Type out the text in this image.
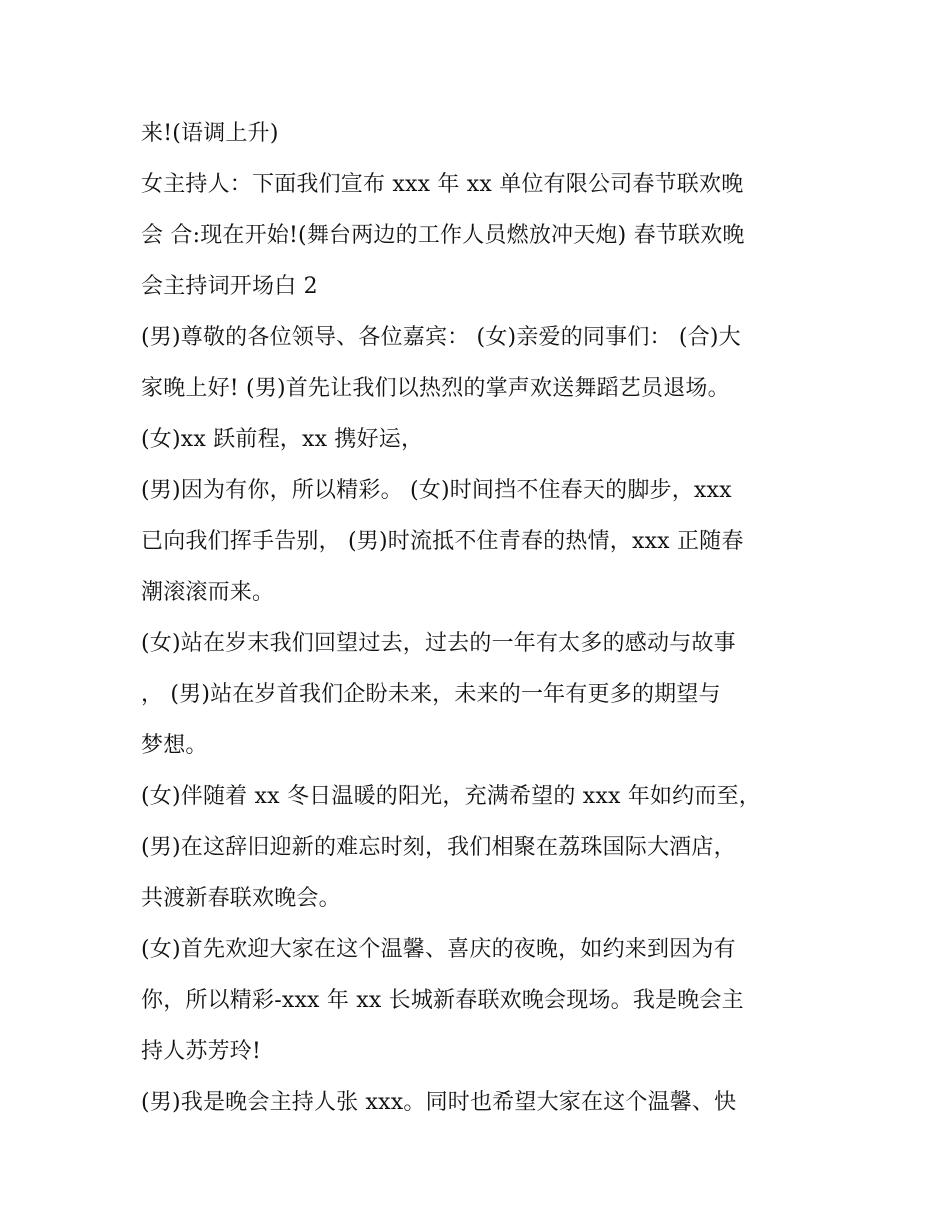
来!(语调上升)
女主持人：下面我们宣布 xxx 年 xx 单位有限公司春节联欢晚
会 合:现在开始!(舞台两边的工作人员燃放冲天炮) 春节联欢晚
会主持词开场白 2
(男)尊敬的各位领导、各位嘉宾： (女)亲爱的同事们： (合)大
家晚上好! (男)首先让我们以热烈的掌声欢送舞蹈艺员退场。
(女)xx 跃前程，xx 携好运，
(男)因为有你，所以精彩。 (女)时间挡不住春天的脚步，xxx
已向我们挥手告别， (男)时流抵不住青春的热情，xxx 正随春
潮滚滚而来。
(女)站在岁末我们回望过去，过去的一年有太多的感动与故事
， (男)站在岁首我们企盼未来，未来的一年有更多的期望与
梦想。
(女)伴随着 xx 冬日温暖的阳光，充满希望的 xxx 年如约而至，
(男)在这辞旧迎新的难忘时刻，我们相聚在荔珠国际大酒店，
共渡新春联欢晚会。
(女)首先欢迎大家在这个温馨、喜庆的夜晚，如约来到因为有
你，所以精彩-xxx 年 xx 长城新春联欢晚会现场。我是晚会主
持人苏芳玲!
(男)我是晚会主持人张 xxx。同时也希望大家在这个温馨、快
